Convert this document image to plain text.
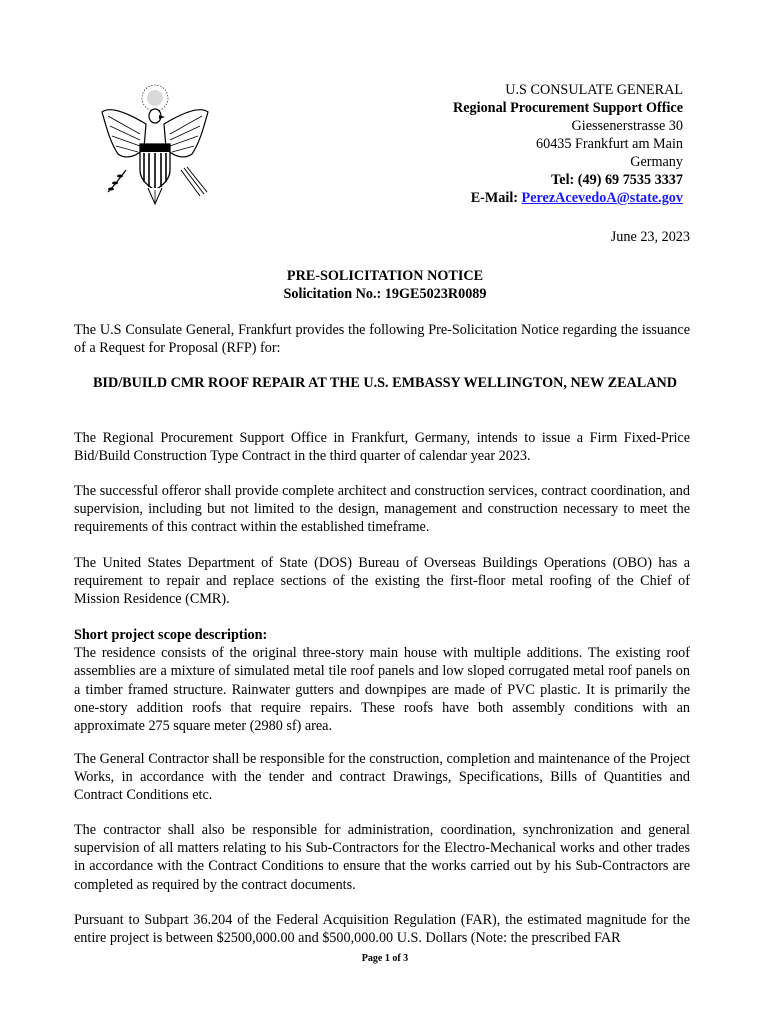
U.S CONSULATE GENERAL
Regional Procurement Support Office
Giessenerstrasse 30
60435 Frankfurt am Main
Germany
Tel: (49) 69 7535 3337
E-Mail: PerezAcevedoA@state.gov
June 23, 2023
PRE-SOLICITATION NOTICE
Solicitation No.: 19GE5023R0089
The U.S Consulate General, Frankfurt provides the following Pre-Solicitation Notice regarding the issuance of a Request for Proposal (RFP) for:
BID/BUILD CMR ROOF REPAIR AT THE U.S. EMBASSY WELLINGTON, NEW ZEALAND
The Regional Procurement Support Office in Frankfurt, Germany, intends to issue a Firm Fixed-Price Bid/Build Construction Type Contract in the third quarter of calendar year 2023.
The successful offeror shall provide complete architect and construction services, contract coordination, and supervision, including but not limited to the design, management and construction necessary to meet the requirements of this contract within the established timeframe.
The United States Department of State (DOS) Bureau of Overseas Buildings Operations (OBO) has a requirement to repair and replace sections of the existing the first-floor metal roofing of the Chief of Mission Residence (CMR).
Short project scope description:
The residence consists of the original three-story main house with multiple additions. The existing roof assemblies are a mixture of simulated metal tile roof panels and low sloped corrugated metal roof panels on a timber framed structure. Rainwater gutters and downpipes are made of PVC plastic. It is primarily the one-story addition roofs that require repairs. These roofs have both assembly conditions with an approximate 275 square meter (2980 sf) area.
The General Contractor shall be responsible for the construction, completion and maintenance of the Project Works, in accordance with the tender and contract Drawings, Specifications, Bills of Quantities and Contract Conditions etc.
The contractor shall also be responsible for administration, coordination, synchronization and general supervision of all matters relating to his Sub-Contractors for the Electro-Mechanical works and other trades in accordance with the Contract Conditions to ensure that the works carried out by his Sub-Contractors are completed as required by the contract documents.
Pursuant to Subpart 36.204 of the Federal Acquisition Regulation (FAR), the estimated magnitude for the entire project is between $2500,000.00 and $500,000.00 U.S. Dollars (Note: the prescribed FAR
Page 1 of 3
